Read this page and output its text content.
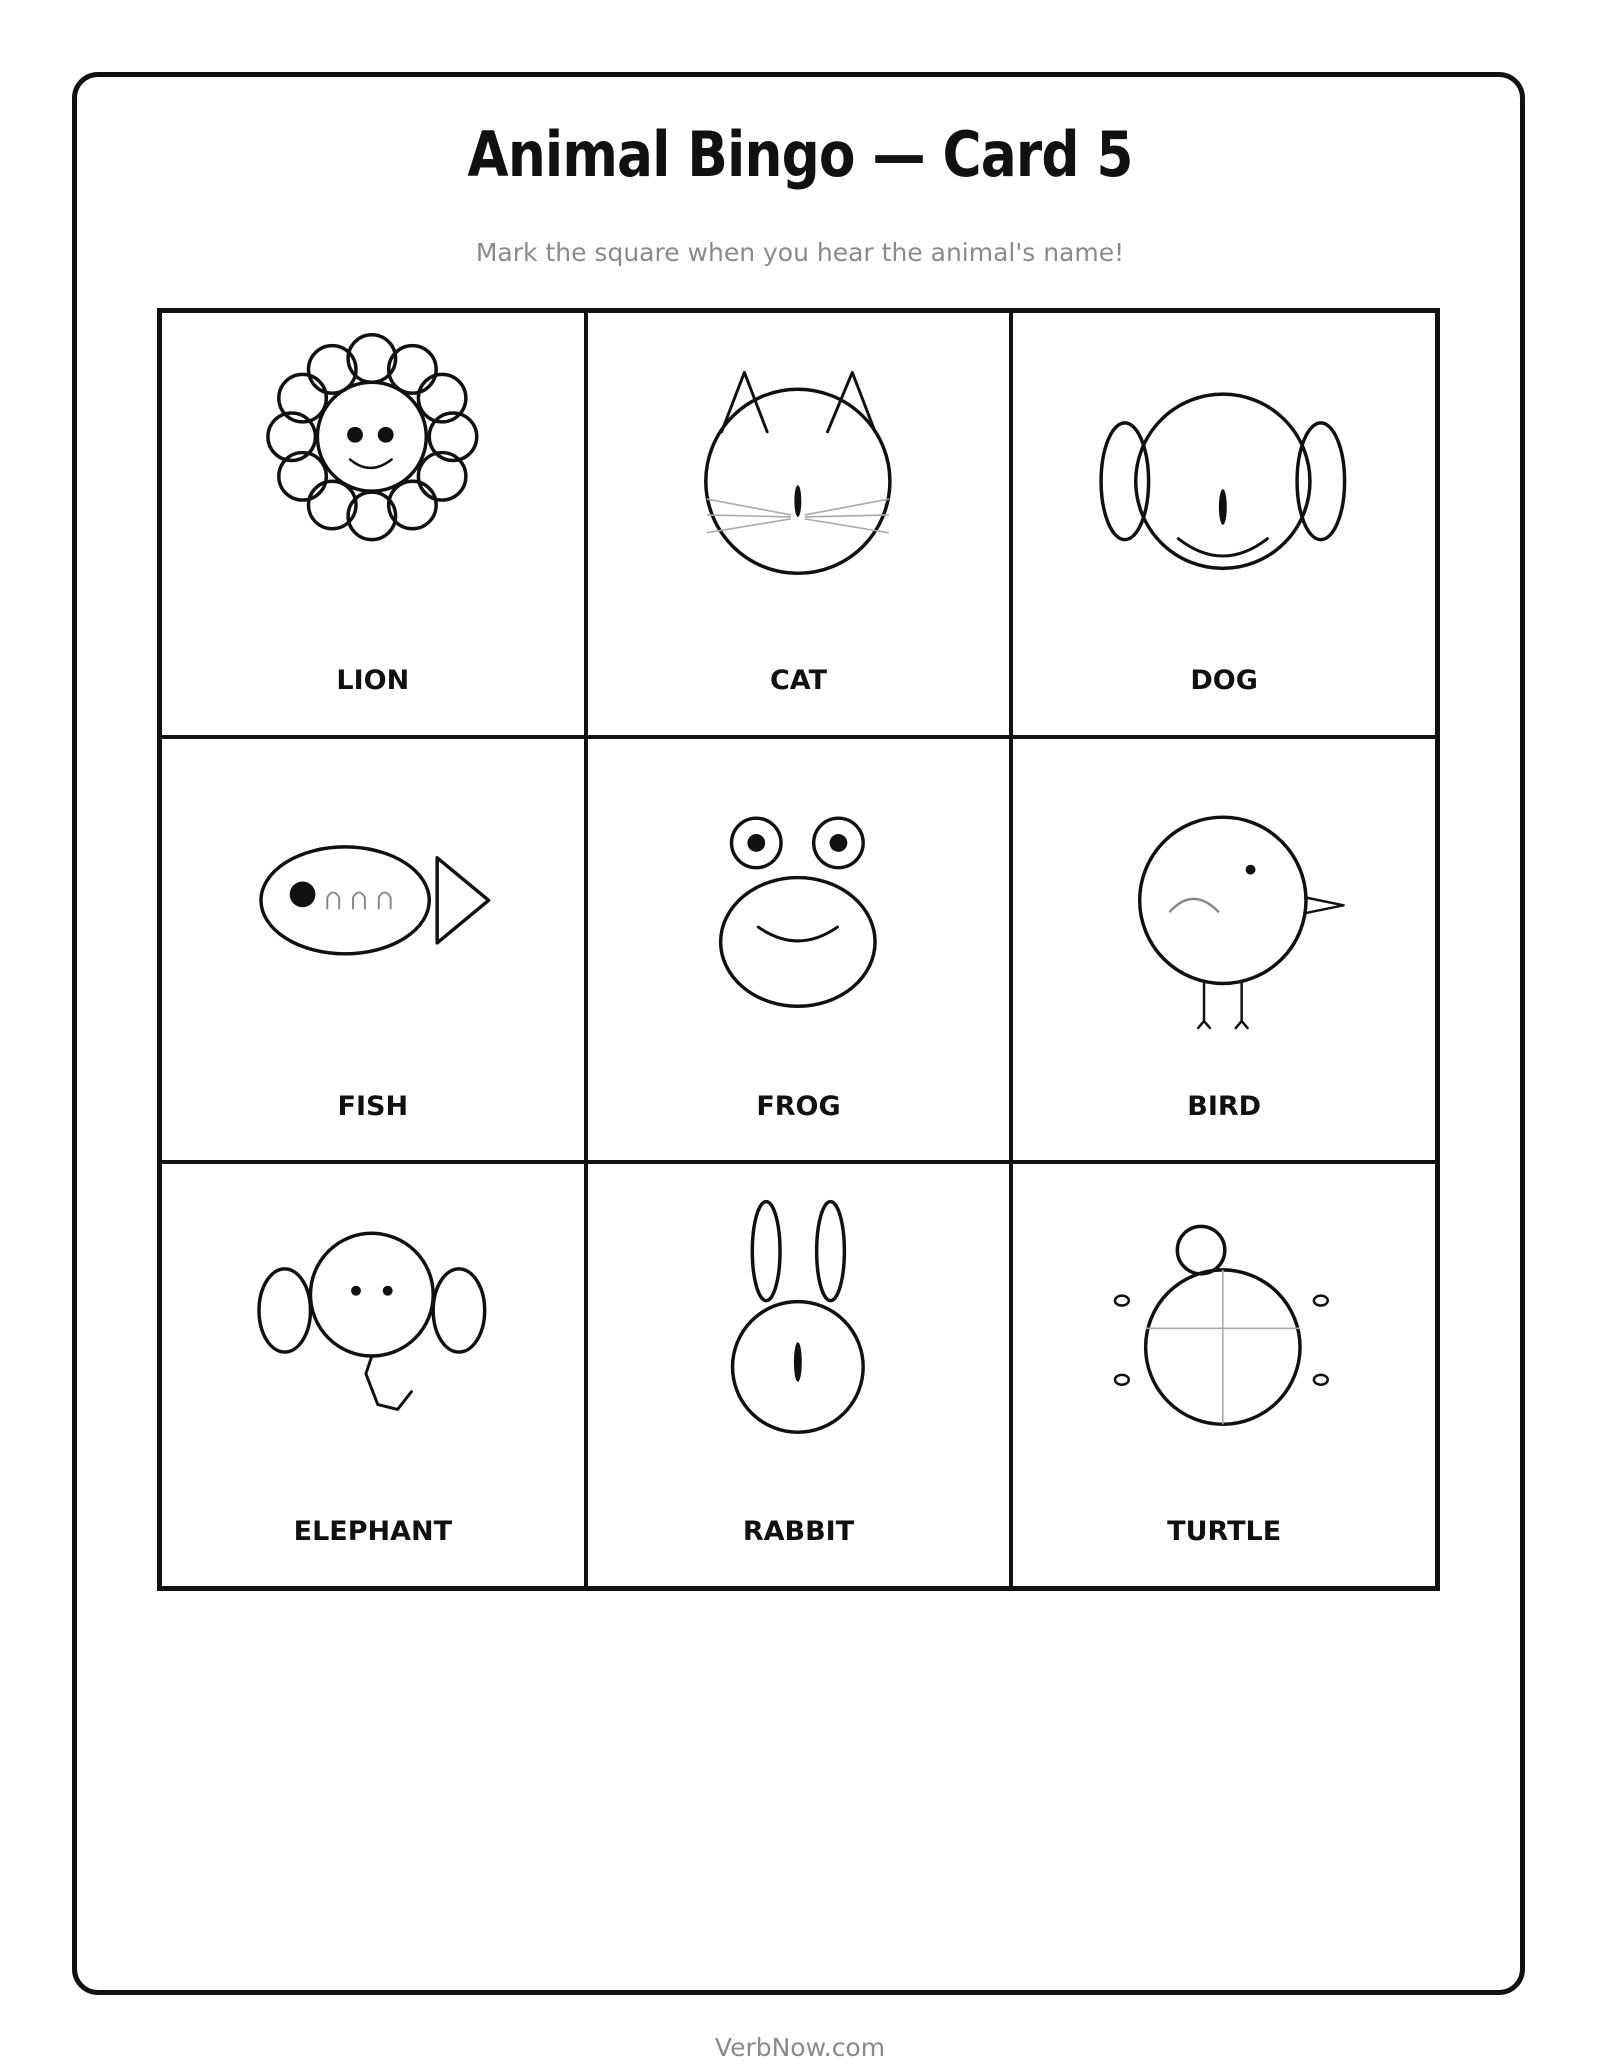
Animal Bingo — Card 5
Mark the square when you hear the animal's name!
LION	CAT	DOG
FISH	FROG	BIRD
ELEPHANT	RABBIT	TURTLE
VerbNow.com
